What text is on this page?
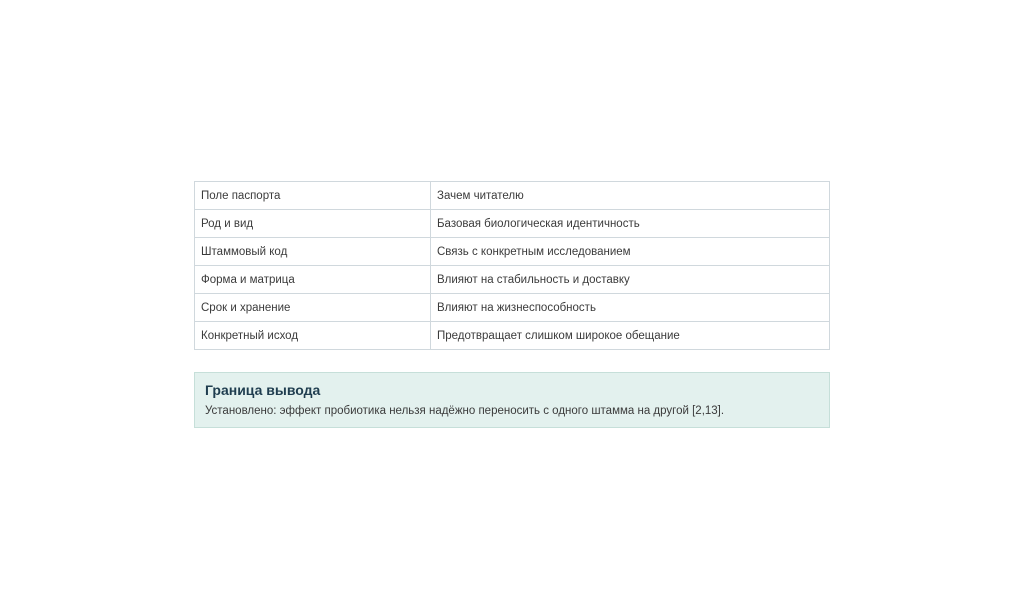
Поле паспорта	Зачем читателю
Род и вид	Базовая биологическая идентичность
Штаммовый код	Связь с конкретным исследованием
Форма и матрица	Влияют на стабильность и доставку
Срок и хранение	Влияют на жизнеспособность
Конкретный исход	Предотвращает слишком широкое обещание

Граница вывода

Установлено: эффект пробиотика нельзя надёжно переносить с одного штамма на другой [2,13].
